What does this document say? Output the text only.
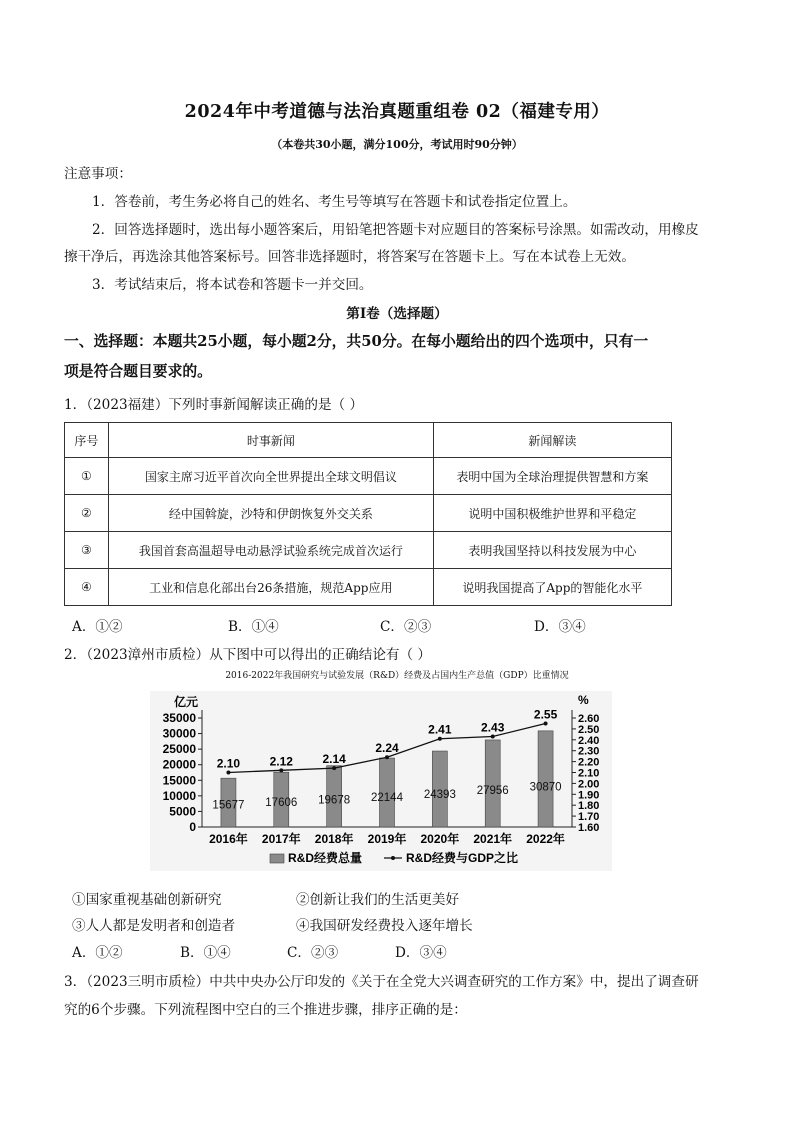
2024年中考道德与法治真题重组卷 02（福建专用）
（本卷共30小题，满分100分，考试用时90分钟）
注意事项：
1．答卷前，考生务必将自己的姓名、考生号等填写在答题卡和试卷指定位置上。
2．回答选择题时，选出每小题答案后，用铅笔把答题卡对应题目的答案标号涂黑。如需改动，用橡皮
擦干净后，再选涂其他答案标号。回答非选择题时，将答案写在答题卡上。写在本试卷上无效。
3．考试结束后，将本试卷和答题卡一并交回。
第Ⅰ卷（选择题）
一、选择题：本题共25小题，每小题2分，共50分。在每小题给出的四个选项中，只有一
项是符合题目要求的。
1．（2023福建）下列时事新闻解读正确的是（ ）
序号	时事新闻	新闻解读
①	国家主席习近平首次向全世界提出全球文明倡议	表明中国为全球治理提供智慧和方案
②	经中国斡旋，沙特和伊朗恢复外交关系	说明中国积极维护世界和平稳定
③	我国首套高温超导电动悬浮试验系统完成首次运行	表明我国坚持以科技发展为中心
④	工业和信息化部出台26条措施，规范App应用	说明我国提高了App的智能化水平
A．①②	B．①④	C．②③	D．③④
2．（2023漳州市质检）从下图中可以得出的正确结论有（ ）
2016-2022年我国研究与试验发展（R&D）经费及占国内生产总值（GDP）比重情况
亿元	%
0
5000
10000
15000
20000
25000
30000
35000
1.60
1.70
1.80
1.90
2.00
2.10
2.20
2.30
2.40
2.50
2.60
15677 17606 19678 22144 24393 27956 30870
2.10 2.12 2.14
2.24
2.41 2.43
2.55
2016年 2017年 2018年 2019年 2020年 2021年 2022年
R&D经费总量	R&D经费与GDP之比
①国家重视基础创新研究	②创新让我们的生活更美好
③人人都是发明者和创造者	④我国研发经费投入逐年增长
A．①②	B．①④	C．②③	D．③④
3．（2023三明市质检）中共中央办公厅印发的《关于在全党大兴调查研究的工作方案》中，提出了调查研
究的6个步骤。下列流程图中空白的三个推进步骤，排序正确的是：
